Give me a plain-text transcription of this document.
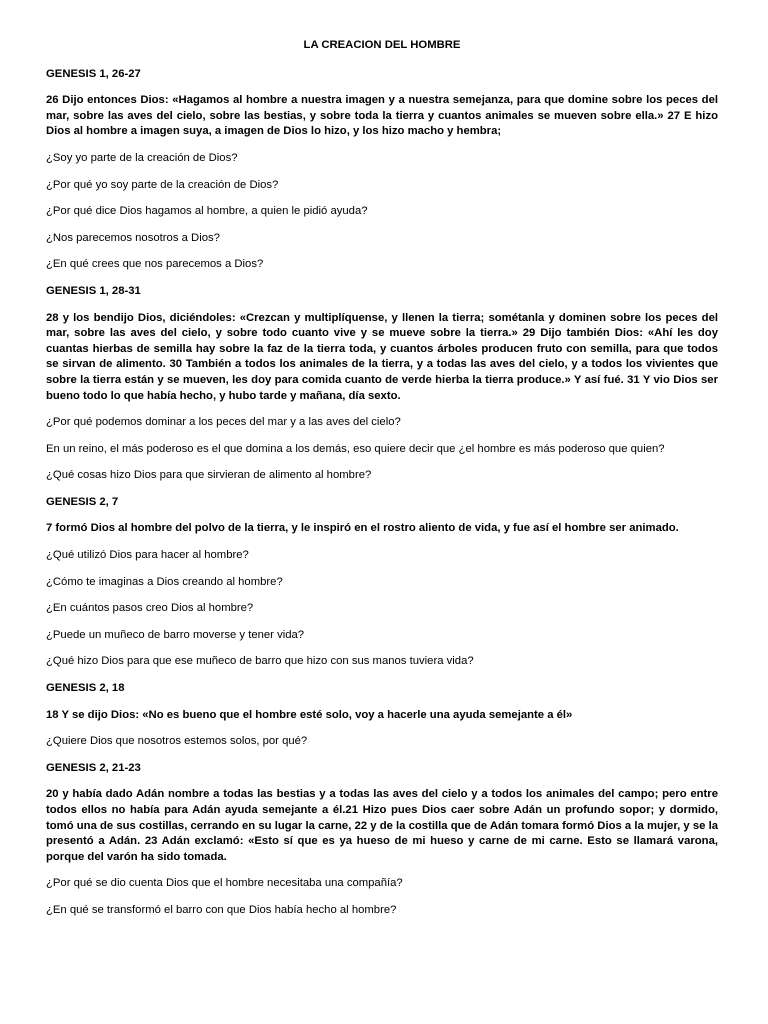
LA CREACION DEL HOMBRE

GENESIS 1, 26-27

26 Dijo entonces Dios: «Hagamos al hombre a nuestra imagen y a nuestra semejanza, para que domine sobre los peces del mar, sobre las aves del cielo, sobre las bestias, y sobre toda la tierra y cuantos animales se mueven sobre ella.» 27 E hizo Dios al hombre a imagen suya, a imagen de Dios lo hizo, y los hizo macho y hembra;

¿Soy yo parte de la creación de Dios?

¿Por qué yo soy parte de la creación de Dios?

¿Por qué dice Dios hagamos al hombre, a quien le pidió ayuda?

¿Nos parecemos nosotros a Dios?

¿En qué crees que nos parecemos a Dios?

GENESIS 1, 28-31

28 y los bendijo Dios, diciéndoles: «Crezcan y multiplíquense, y llenen la tierra; sométanla y dominen sobre los peces del mar, sobre las aves del cielo, y sobre todo cuanto vive y se mueve sobre la tierra.» 29 Dijo también Dios: «Ahí les doy cuantas hierbas de semilla hay sobre la faz de la tierra toda, y cuantos árboles producen fruto con semilla, para que todos se sirvan de alimento. 30 También a todos los animales de la tierra, y a todas las aves del cielo, y a todos los vivientes que sobre la tierra están y se mueven, les doy para comida cuanto de verde hierba la tierra produce.» Y así fué. 31 Y vio Dios ser bueno todo lo que había hecho, y hubo tarde y mañana, día sexto.

¿Por qué podemos dominar a los peces del mar y a las aves del cielo?

En un reino, el más poderoso es el que domina a los demás, eso quiere decir que ¿el hombre es más poderoso que quien?

¿Qué cosas hizo Dios para que sirvieran de alimento al hombre?

GENESIS 2, 7

7 formó Dios al hombre del polvo de la tierra, y le inspiró en el rostro aliento de vida, y fue así el hombre ser animado.

¿Qué utilizó Dios para hacer al hombre?

¿Cómo te imaginas a Dios creando al hombre?

¿En cuántos pasos creo Dios al hombre?

¿Puede un muñeco de barro moverse y tener vida?

¿Qué hizo Dios para que ese muñeco de barro que hizo con sus manos tuviera vida?

GENESIS 2, 18

18 Y se dijo Dios: «No es bueno que el hombre esté solo, voy a hacerle una ayuda semejante a él»

¿Quiere Dios que nosotros estemos solos, por qué?

GENESIS 2, 21-23

20 y había dado Adán nombre a todas las bestias y a todas las aves del cielo y a todos los animales del campo; pero entre todos ellos no había para Adán ayuda semejante a él.21 Hizo pues Dios caer sobre Adán un profundo sopor; y dormido, tomó una de sus costillas, cerrando en su lugar la carne, 22 y de la costilla que de Adán tomara formó Dios a la mujer, y se la presentó a Adán. 23 Adán exclamó: «Esto sí que es ya hueso de mi hueso y carne de mi carne. Esto se llamará varona, porque del varón ha sido tomada.

¿Por qué se dio cuenta Dios que el hombre necesitaba una compañía?

¿En qué se transformó el barro con que Dios había hecho al hombre?
